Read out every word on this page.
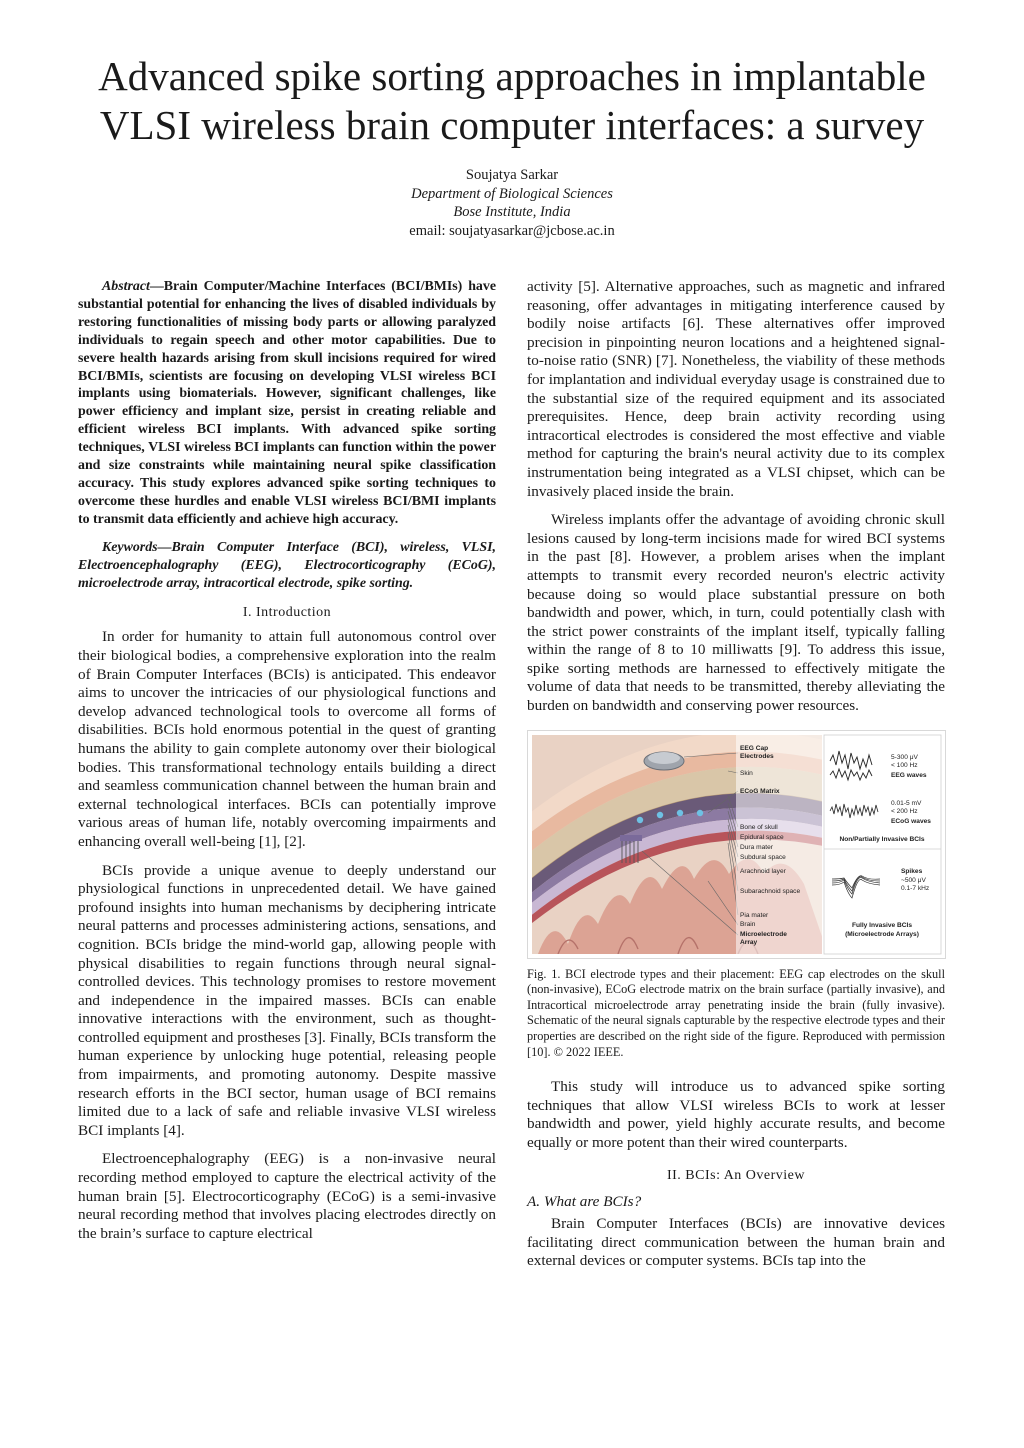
Advanced spike sorting approaches in implantable
VLSI wireless brain computer interfaces: a survey
Soujatya Sarkar
Department of Biological Sciences
Bose Institute, India
email: soujatyasarkar@jcbose.ac.in

Abstract—Brain Computer/Machine Interfaces (BCI/BMIs) have substantial potential for enhancing the lives of disabled individuals by restoring functionalities of missing body parts or allowing paralyzed individuals to regain speech and other motor capabilities. Due to severe health hazards arising from skull incisions required for wired BCI/BMIs, scientists are focusing on developing VLSI wireless BCI implants using biomaterials. However, significant challenges, like power efficiency and implant size, persist in creating reliable and efficient wireless BCI implants. With advanced spike sorting techniques, VLSI wireless BCI implants can function within the power and size constraints while maintaining neural spike classification accuracy. This study explores advanced spike sorting techniques to overcome these hurdles and enable VLSI wireless BCI/BMI implants to transmit data efficiently and achieve high accuracy.

Keywords—Brain Computer Interface (BCI), wireless, VLSI, Electroencephalography (EEG), Electrocorticography (ECoG), microelectrode array, intracortical electrode, spike sorting.

I. Introduction

In order for humanity to attain full autonomous control over their biological bodies, a comprehensive exploration into the realm of Brain Computer Interfaces (BCIs) is anticipated. This endeavor aims to uncover the intricacies of our physiological functions and develop advanced technological tools to overcome all forms of disabilities. BCIs hold enormous potential in the quest of granting humans the ability to gain complete autonomy over their biological bodies. This transformational technology entails building a direct and seamless communication channel between the human brain and external technological interfaces. BCIs can potentially improve various areas of human life, notably overcoming impairments and enhancing overall well-being [1], [2].

BCIs provide a unique avenue to deeply understand our physiological functions in unprecedented detail. We have gained profound insights into human mechanisms by deciphering intricate neural patterns and processes administering actions, sensations, and cognition. BCIs bridge the mind-world gap, allowing people with physical disabilities to regain functions through neural signal-controlled devices. This technology promises to restore movement and independence in the impaired masses. BCIs can enable innovative interactions with the environment, such as thought-controlled equipment and prostheses [3]. Finally, BCIs transform the human experience by unlocking huge potential, releasing people from impairments, and promoting autonomy. Despite massive research efforts in the BCI sector, human usage of BCI remains limited due to a lack of safe and reliable invasive VLSI wireless BCI implants [4].

Electroencephalography (EEG) is a non-invasive neural recording method employed to capture the electrical activity of the human brain [5]. Electrocorticography (ECoG) is a semi-invasive neural recording method that involves placing electrodes directly on the brain’s surface to capture electrical

activity [5]. Alternative approaches, such as magnetic and infrared reasoning, offer advantages in mitigating interference caused by bodily noise artifacts [6]. These alternatives offer improved precision in pinpointing neuron locations and a heightened signal-to-noise ratio (SNR) [7]. Nonetheless, the viability of these methods for implantation and individual everyday usage is constrained due to the substantial size of the required equipment and its associated prerequisites. Hence, deep brain activity recording using intracortical electrodes is considered the most effective and viable method for capturing the brain's neural activity due to its complex instrumentation being integrated as a VLSI chipset, which can be invasively placed inside the brain.

Wireless implants offer the advantage of avoiding chronic skull lesions caused by long-term incisions made for wired BCI systems in the past [8]. However, a problem arises when the implant attempts to transmit every recorded neuron's electric activity because doing so would place substantial pressure on both bandwidth and power, which, in turn, could potentially clash with the strict power constraints of the implant itself, typically falling within the range of 8 to 10 milliwatts [9]. To address this issue, spike sorting methods are harnessed to effectively mitigate the volume of data that needs to be transmitted, thereby alleviating the burden on bandwidth and conserving power resources.

EEG Cap
Electrodes
Skin
ECoG Matrix
Bone of skull
Epidural space
Dura mater
Subdural space
Arachnoid layer
Subarachnoid space
Pia mater
Brain
Microelectrode
Array
5-300 μV
< 100 Hz
EEG waves
0.01-5 mV
< 200 Hz
ECoG waves
Non/Partially Invasive BCIs
Spikes
~500 μV
0.1-7 kHz
Fully Invasive BCIs
(Microelectrode Arrays)

Fig. 1. BCI electrode types and their placement: EEG cap electrodes on the skull (non-invasive), ECoG electrode matrix on the brain surface (partially invasive), and Intracortical microelectrode array penetrating inside the brain (fully invasive). Schematic of the neural signals capturable by the respective electrode types and their properties are described on the right side of the figure. Reproduced with permission [10]. © 2022 IEEE.

This study will introduce us to advanced spike sorting techniques that allow VLSI wireless BCIs to work at lesser bandwidth and power, yield highly accurate results, and become equally or more potent than their wired counterparts.

II. BCIs: An Overview
A. What are BCIs?

Brain Computer Interfaces (BCIs) are innovative devices facilitating direct communication between the human brain and external devices or computer systems. BCIs tap into the
